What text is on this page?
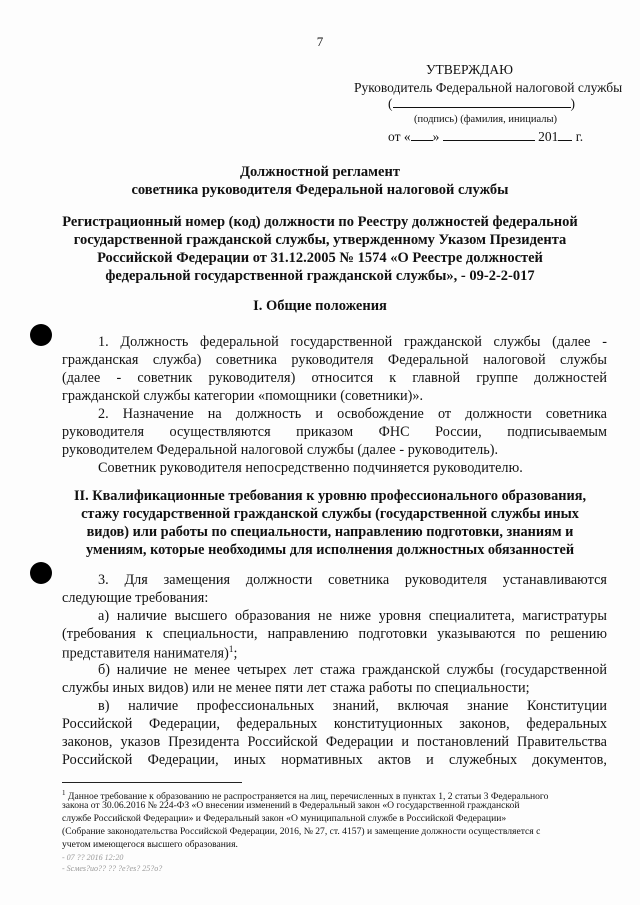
7
УТВЕРЖДАЮ
Руководитель Федеральной налоговой службы
(	)
(подпись) (фамилия, инициалы)
от « »	201 г.
Должностной регламент
советника руководителя Федеральной налоговой службы
Регистрационный номер (код) должности по Реестру должностей федеральной
государственной гражданской службы, утвержденному Указом Президента
Российской Федерации от 31.12.2005 № 1574 «О Реестре должностей
федеральной государственной гражданской службы», - 09-2-2-017
I. Общие положения
1. Должность федеральной государственной гражданской службы (далее -
гражданская служба) советника руководителя Федеральной налоговой службы
(далее - советник руководителя) относится к главной группе должностей
гражданской службы категории «помощники (советники)».
2. Назначение на должность и освобождение от должности советника
руководителя осуществляются приказом ФНС России, подписываемым
руководителем Федеральной налоговой службы (далее - руководитель).
Советник руководителя непосредственно подчиняется руководителю.
II. Квалификационные требования к уровню профессионального образования,
стажу государственной гражданской службы (государственной службы иных
видов) или работы по специальности, направлению подготовки, знаниям и
умениям, которые необходимы для исполнения должностных обязанностей
3. Для замещения должности советника руководителя устанавливаются
следующие требования:
а) наличие высшего образования не ниже уровня специалитета, магистратуры
(требования к специальности, направлению подготовки указываются по решению
представителя нанимателя)$^1$;
б) наличие не менее четырех лет стажа гражданской службы (государственной
службы иных видов) или не менее пяти лет стажа работы по специальности;
в) наличие профессиональных знаний, включая знание Конституции
Российской Федерации, федеральных конституционных законов, федеральных
законов, указов Президента Российской Федерации и постановлений Правительства
Российской Федерации, иных нормативных актов и служебных документов,
$^1$ Данное требование к образованию не распространяется на лиц, перечисленных в пунктах 1, 2 статьи 3 Федерального
закона от 30.06.2016 № 224-ФЗ «О внесении изменений в Федеральный закон «О государственной гражданской
службе Российской Федерации» и Федеральный закон «О муниципальной службе в Российской Федерации»
(Собрание законодательства Российской Федерации, 2016, № 27, ст. 4157) и замещение должности осуществляется с
учетом имеющегося высшего образования.
- 07 ?? 2016 12:20
- Ѕсмеѕ?ио?? ?? ?е?еѕ? 25?о?
